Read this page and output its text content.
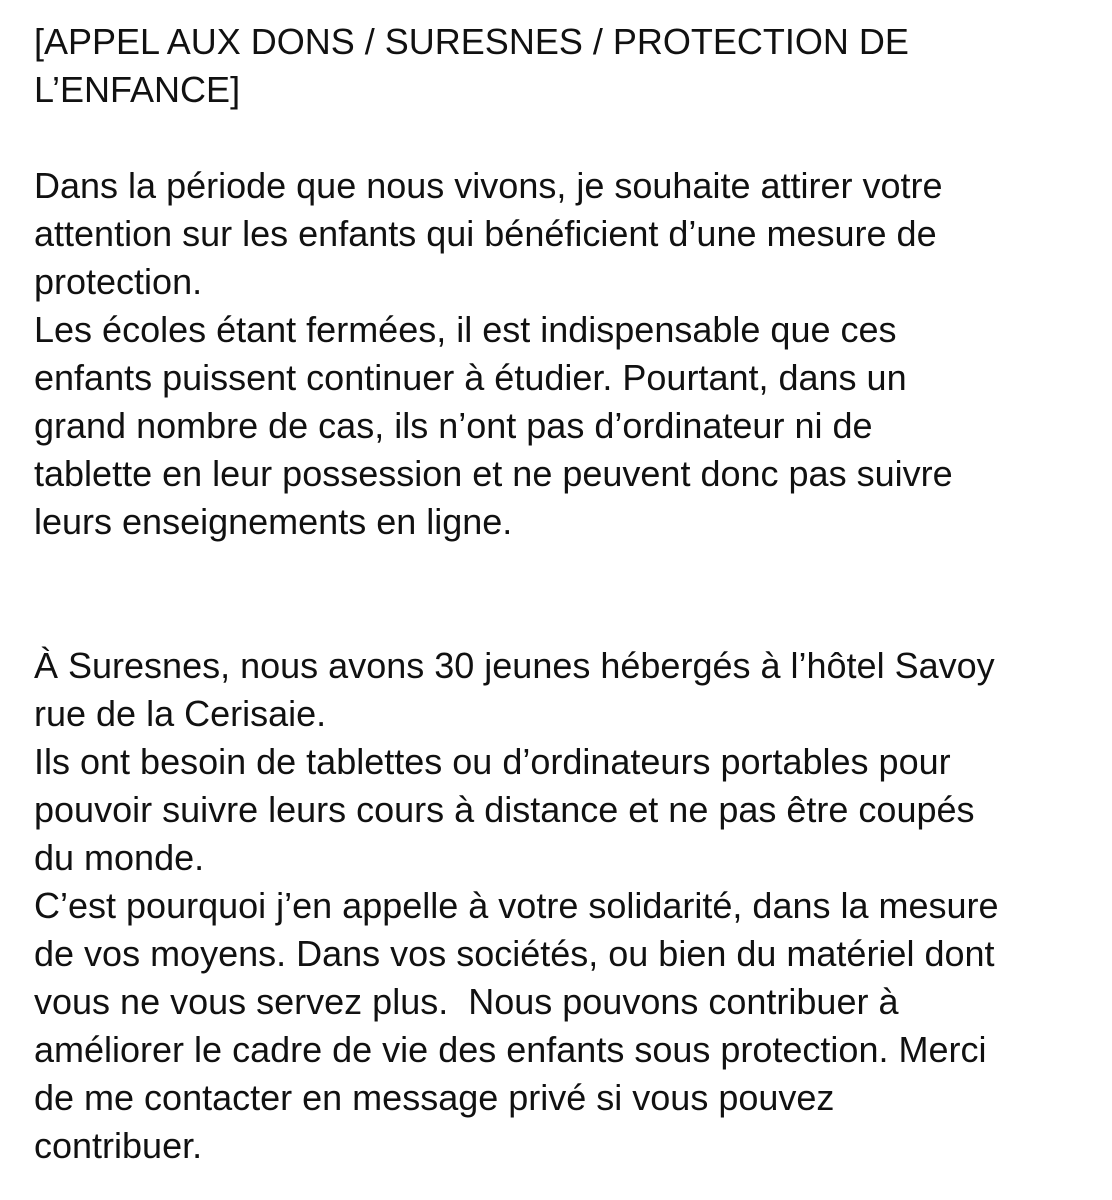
[APPEL AUX DONS / SURESNES / PROTECTION DE
L’ENFANCE]
Dans la période que nous vivons, je souhaite attirer votre
attention sur les enfants qui bénéficient d’une mesure de
protection.
Les écoles étant fermées, il est indispensable que ces
enfants puissent continuer à étudier. Pourtant, dans un
grand nombre de cas, ils n’ont pas d’ordinateur ni de
tablette en leur possession et ne peuvent donc pas suivre
leurs enseignements en ligne.
À Suresnes, nous avons 30 jeunes hébergés à l’hôtel Savoy
rue de la Cerisaie.
Ils ont besoin de tablettes ou d’ordinateurs portables pour
pouvoir suivre leurs cours à distance et ne pas être coupés
du monde.
C’est pourquoi j’en appelle à votre solidarité, dans la mesure
de vos moyens. Dans vos sociétés, ou bien du matériel dont
vous ne vous servez plus.  Nous pouvons contribuer à
améliorer le cadre de vie des enfants sous protection. Merci
de me contacter en message privé si vous pouvez
contribuer.
